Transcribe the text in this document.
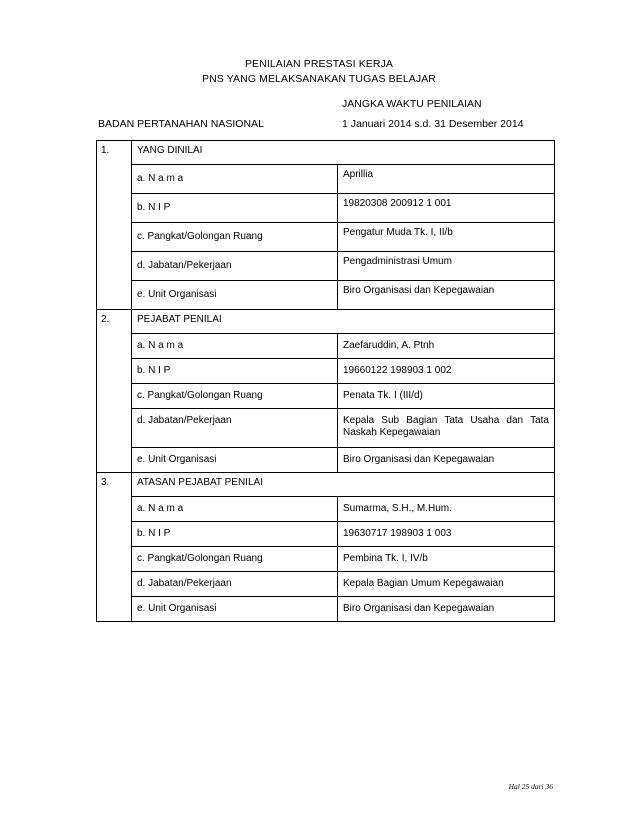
PENILAIAN PRESTASI KERJA
PNS YANG MELAKSANAKAN TUGAS BELAJAR
JANGKA WAKTU PENILAIAN
BADAN PERTANAHAN NASIONAL	1 Januari 2014 s.d. 31 Desember 2014
1.	YANG DINILAI	
	a. N a m a	Aprillia
	b. N I P	19820308 200912 1 001
	c. Pangkat/Golongan Ruang	Pengatur Muda Tk. I, II/b
	d. Jabatan/Pekerjaan	Pengadministrasi Umum
	e. Unit Organisasi	Biro Organisasi dan Kepegawaian
2.	PEJABAT PENILAI	
	a. N a m a	Zaefaruddin, A. Ptnh
	b. N I P	19660122 198903 1 002
	c. Pangkat/Golongan Ruang	Penata Tk. I (III/d)
	d. Jabatan/Pekerjaan	Kepala Sub Bagian Tata Usaha dan Tata Naskah Kepegawaian
	e. Unit Organisasi	Biro Organisasi dan Kepegawaian
3.	ATASAN PEJABAT PENILAI	
	a. N a m a	Sumarma, S.H., M.Hum.
	b. N I P	19630717 198903 1 003
	c. Pangkat/Golongan Ruang	Pembina Tk. I, IV/b
	d. Jabatan/Pekerjaan	Kepala Bagian Umum Kepegawaian
	e. Unit Organisasi	Biro Organisasi dan Kepegawaian
Hal 25 dari 36
